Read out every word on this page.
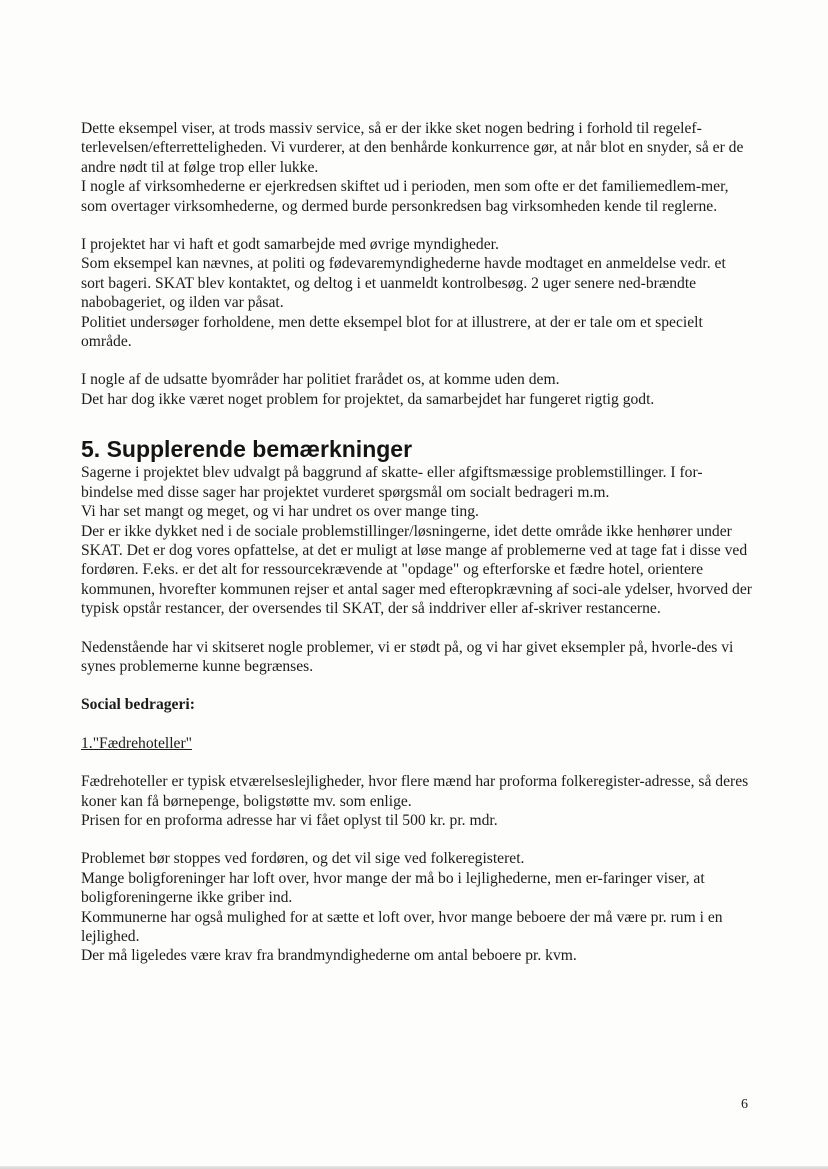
Dette eksempel viser, at trods massiv service, så er der ikke sket nogen bedring i forhold til regelef-terlevelsen/efterretteligheden. Vi vurderer, at den benhårde konkurrence gør, at når blot en snyder, så er de andre nødt til at følge trop eller lukke.

I nogle af virksomhederne er ejerkredsen skiftet ud i perioden, men som ofte er det familiemedlem-mer, som overtager virksomhederne, og dermed burde personkredsen bag virksomheden kende til reglerne.

I projektet har vi haft et godt samarbejde med øvrige myndigheder.

Som eksempel kan nævnes, at politi og fødevaremyndighederne havde modtaget en anmeldelse vedr. et sort bageri. SKAT blev kontaktet, og deltog i et uanmeldt kontrolbesøg. 2 uger senere ned-brændte nabobageriet, og ilden var påsat.

Politiet undersøger forholdene, men dette eksempel blot for at illustrere, at der er tale om et specielt område.

I nogle af de udsatte byområder har politiet frarådet os, at komme uden dem.

Det har dog ikke været noget problem for projektet, da samarbejdet har fungeret rigtig godt.

5. Supplerende bemærkninger

Sagerne i projektet blev udvalgt på baggrund af skatte- eller afgiftsmæssige problemstillinger. I for-bindelse med disse sager har projektet vurderet spørgsmål om socialt bedrageri m.m.

Vi har set mangt og meget, og vi har undret os over mange ting.

Der er ikke dykket ned i de sociale problemstillinger/løsningerne, idet dette område ikke henhører under SKAT. Det er dog vores opfattelse, at det er muligt at løse mange af problemerne ved at tage fat i disse ved fordøren. F.eks. er det alt for ressourcekrævende at "opdage" og efterforske et fædre hotel, orientere kommunen, hvorefter kommunen rejser et antal sager med efteropkrævning af soci-ale ydelser, hvorved der typisk opstår restancer, der oversendes til SKAT, der så inddriver eller af-skriver restancerne.

Nedenstående har vi skitseret nogle problemer, vi er stødt på, og vi har givet eksempler på, hvorle-des vi synes problemerne kunne begrænses.

Social bedrageri:

1."Fædrehoteller"

Fædrehoteller er typisk etværelseslejligheder, hvor flere mænd har proforma folkeregister-adresse, så deres koner kan få børnepenge, boligstøtte mv. som enlige.

Prisen for en proforma adresse har vi fået oplyst til 500 kr. pr. mdr.

Problemet bør stoppes ved fordøren, og det vil sige ved folkeregisteret.

Mange boligforeninger har loft over, hvor mange der må bo i lejlighederne, men er-faringer viser, at boligforeningerne ikke griber ind.

Kommunerne har også mulighed for at sætte et loft over, hvor mange beboere der må være pr. rum i en lejlighed.

Der må ligeledes være krav fra brandmyndighederne om antal beboere pr. kvm.

6
